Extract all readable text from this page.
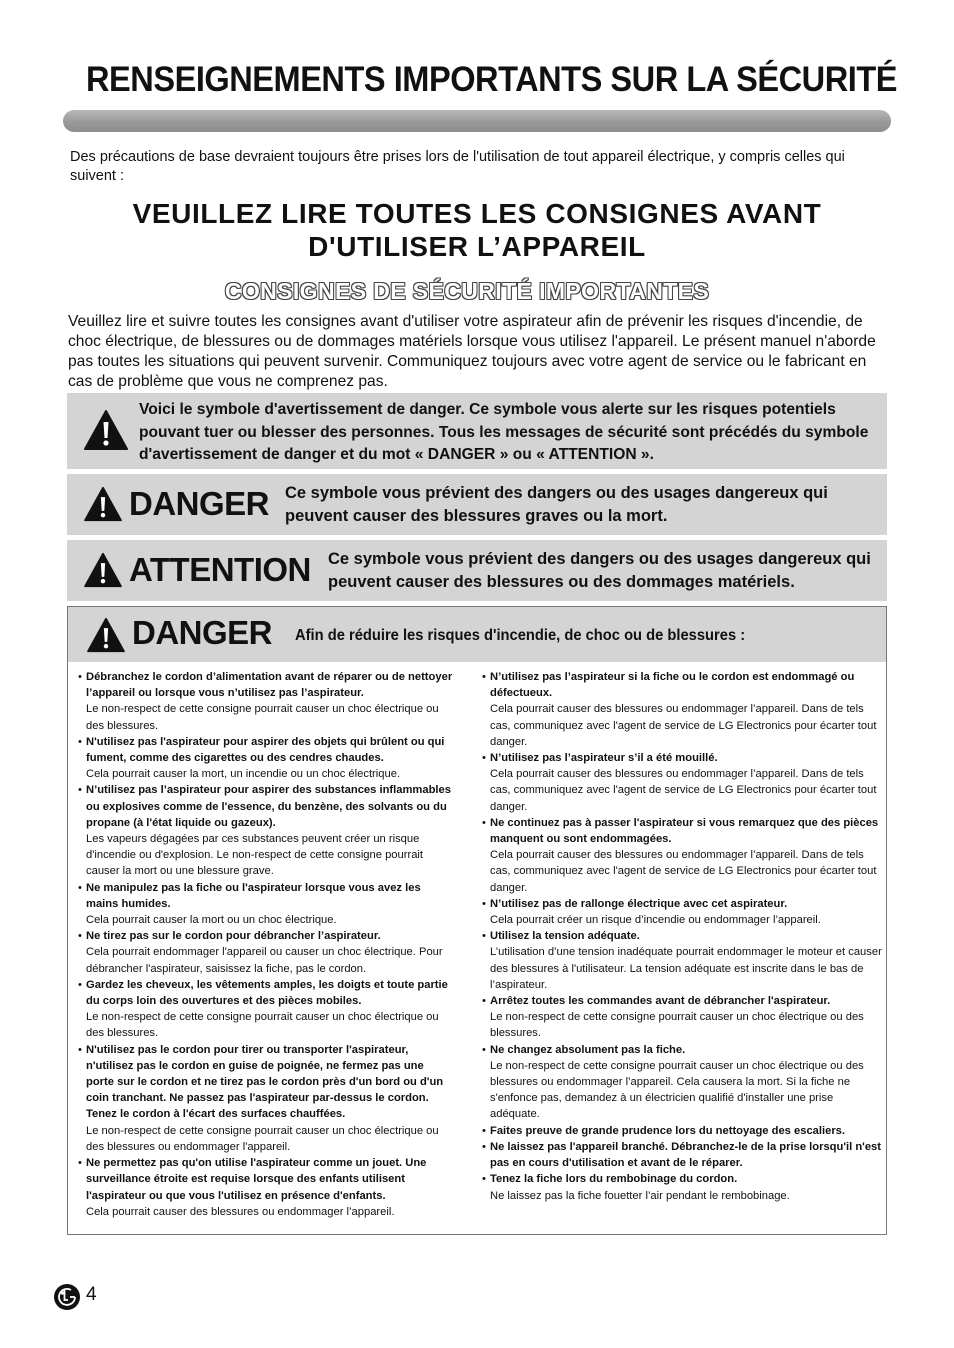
RENSEIGNEMENTS IMPORTANTS SUR LA SÉCURITÉ
Des précautions de base devraient toujours être prises lors de l'utilisation de tout appareil électrique, y compris celles qui suivent :
VEUILLEZ LIRE TOUTES LES CONSIGNES AVANT D'UTILISER L’APPAREIL
CONSIGNES DE SÉCURITÉ IMPORTANTES
Veuillez lire et suivre toutes les consignes avant d'utiliser votre aspirateur afin de prévenir les risques d'incendie, de choc électrique, de blessures ou de dommages matériels lorsque vous utilisez l'appareil. Le présent manuel n'aborde pas toutes les situations qui peuvent survenir. Communiquez toujours avec votre agent de service ou le fabricant en cas de problème que vous ne comprenez pas.
Voici le symbole d'avertissement de danger. Ce symbole vous alerte sur les risques potentiels pouvant tuer ou blesser des personnes. Tous les messages de sécurité sont précédés du symbole d'avertissement de danger et du mot « DANGER » ou « ATTENTION ».
DANGER Ce symbole vous prévient des dangers ou des usages dangereux qui peuvent causer des blessures graves ou la mort.
ATTENTION Ce symbole vous prévient des dangers ou des usages dangereux qui peuvent causer des blessures ou des dommages matériels.
DANGER Afin de réduire les risques d'incendie, de choc ou de blessures :
• Débranchez le cordon d’alimentation avant de réparer ou de nettoyer l’appareil ou lorsque vous n’utilisez pas l’aspirateur.
Le non-respect de cette consigne pourrait causer un choc électrique ou des blessures.
• N'utilisez pas l'aspirateur pour aspirer des objets qui brûlent ou qui fument, comme des cigarettes ou des cendres chaudes.
Cela pourrait causer la mort, un incendie ou un choc électrique.
• N’utilisez pas l’aspirateur pour aspirer des substances inflammables ou explosives comme de l'essence, du benzène, des solvants ou du propane (à l'état liquide ou gazeux).
Les vapeurs dégagées par ces substances peuvent créer un risque d'incendie ou d'explosion. Le non-respect de cette consigne pourrait causer la mort ou une blessure grave.
• Ne manipulez pas la fiche ou l'aspirateur lorsque vous avez les mains humides.
Cela pourrait causer la mort ou un choc électrique.
• Ne tirez pas sur le cordon pour débrancher l’aspirateur.
Cela pourrait endommager l'appareil ou causer un choc électrique. Pour débrancher l'aspirateur, saisissez la fiche, pas le cordon.
• Gardez les cheveux, les vêtements amples, les doigts et toute partie du corps loin des ouvertures et des pièces mobiles.
Le non-respect de cette consigne pourrait causer un choc électrique ou des blessures.
• N'utilisez pas le cordon pour tirer ou transporter l'aspirateur, n'utilisez pas le cordon en guise de poignée, ne fermez pas une porte sur le cordon et ne tirez pas le cordon près d'un bord ou d'un coin tranchant. Ne passez pas l'aspirateur par-dessus le cordon. Tenez le cordon à l'écart des surfaces chauffées.
Le non-respect de cette consigne pourrait causer un choc électrique ou des blessures ou endommager l'appareil.
• Ne permettez pas qu'on utilise l'aspirateur comme un jouet. Une surveillance étroite est requise lorsque des enfants utilisent l'aspirateur ou que vous l'utilisez en présence d'enfants.
Cela pourrait causer des blessures ou endommager l’appareil.
• N’utilisez pas l’aspirateur si la fiche ou le cordon est endommagé ou défectueux.
Cela pourrait causer des blessures ou endommager l’appareil. Dans de tels cas, communiquez avec l'agent de service de LG Electronics pour écarter tout danger.
• N’utilisez pas l’aspirateur s’il a été mouillé.
Cela pourrait causer des blessures ou endommager l’appareil. Dans de tels cas, communiquez avec l'agent de service de LG Electronics pour écarter tout danger.
• Ne continuez pas à passer l'aspirateur si vous remarquez que des pièces manquent ou sont endommagées.
Cela pourrait causer des blessures ou endommager l’appareil. Dans de tels cas, communiquez avec l'agent de service de LG Electronics pour écarter tout danger.
• N’utilisez pas de rallonge électrique avec cet aspirateur.
Cela pourrait créer un risque d’incendie ou endommager l’appareil.
• Utilisez la tension adéquate.
L’utilisation d’une tension inadéquate pourrait endommager le moteur et causer des blessures à l'utilisateur. La tension adéquate est inscrite dans le bas de l’aspirateur.
• Arrêtez toutes les commandes avant de débrancher l'aspirateur.
Le non-respect de cette consigne pourrait causer un choc électrique ou des blessures.
• Ne changez absolument pas la fiche.
Le non-respect de cette consigne pourrait causer un choc électrique ou des blessures ou endommager l’appareil. Cela causera la mort. Si la fiche ne s'enfonce pas, demandez à un électricien qualifié d'installer une prise adéquate.
• Faites preuve de grande prudence lors du nettoyage des escaliers.
• Ne laissez pas l'appareil branché. Débranchez-le de la prise lorsqu'il n'est pas en cours d'utilisation et avant de le réparer.
• Tenez la fiche lors du rembobinage du cordon.
Ne laissez pas la fiche fouetter l’air pendant le rembobinage.
4
